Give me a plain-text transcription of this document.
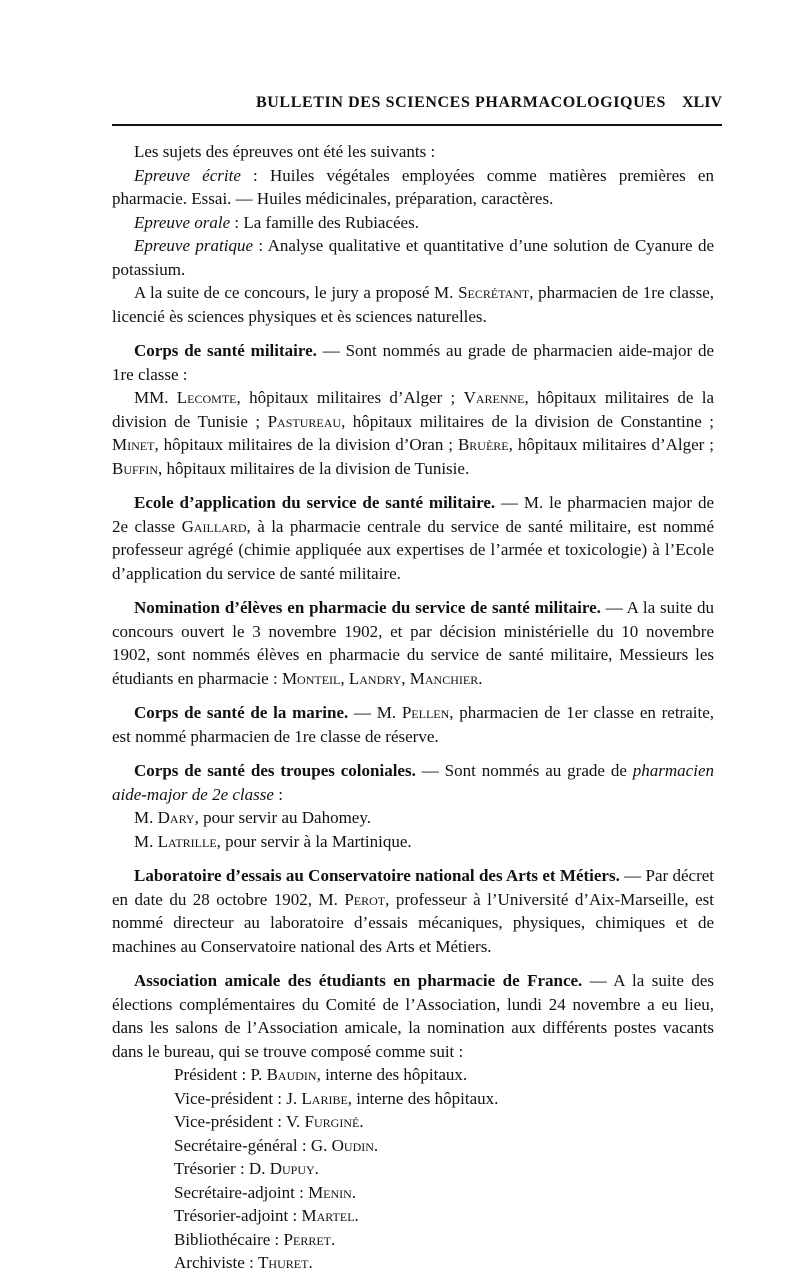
BULLETIN DES SCIENCES PHARMACOLOGIQUES XLIV

Les sujets des épreuves ont été les suivants :

Epreuve écrite : Huiles végétales employées comme matières premières en pharmacie. Essai. — Huiles médicinales, préparation, caractères.

Epreuve orale : La famille des Rubiacées.

Epreuve pratique : Analyse qualitative et quantitative d’une solution de Cyanure de potassium.

A la suite de ce concours, le jury a proposé M. Secrétant, pharmacien de 1re classe, licencié ès sciences physiques et ès sciences naturelles.

Corps de santé militaire. — Sont nommés au grade de pharmacien aide-major de 1re classe :

MM. Lecomte, hôpitaux militaires d’Alger ; Varenne, hôpitaux militaires de la division de Tunisie ; Pastureau, hôpitaux militaires de la division de Constantine ; Minet, hôpitaux militaires de la division d’Oran ; Bruère, hôpitaux militaires d’Alger ; Buffin, hôpitaux militaires de la division de Tunisie.

Ecole d’application du service de santé militaire. — M. le pharmacien major de 2e classe Gaillard, à la pharmacie centrale du service de santé militaire, est nommé professeur agrégé (chimie appliquée aux expertises de l’armée et toxicologie) à l’Ecole d’application du service de santé militaire.

Nomination d’élèves en pharmacie du service de santé militaire. — A la suite du concours ouvert le 3 novembre 1902, et par décision ministérielle du 10 novembre 1902, sont nommés élèves en pharmacie du service de santé militaire, Messieurs les étudiants en pharmacie : Monteil, Landry, Manchier.

Corps de santé de la marine. — M. Pellen, pharmacien de 1er classe en retraite, est nommé pharmacien de 1re classe de réserve.

Corps de santé des troupes coloniales. — Sont nommés au grade de pharmacien aide-major de 2e classe :

M. Dary, pour servir au Dahomey.

M. Latrille, pour servir à la Martinique.

Laboratoire d’essais au Conservatoire national des Arts et Métiers. — Par décret en date du 28 octobre 1902, M. Perot, professeur à l’Université d’Aix-Marseille, est nommé directeur au laboratoire d’essais mécaniques, physiques, chimiques et de machines au Conservatoire national des Arts et Métiers.

Association amicale des étudiants en pharmacie de France. — A la suite des élections complémentaires du Comité de l’Association, lundi 24 novembre a eu lieu, dans les salons de l’Association amicale, la nomination aux différents postes vacants dans le bureau, qui se trouve composé comme suit :

Président : P. Baudin, interne des hôpitaux.
Vice-président : J. Laribe, interne des hôpitaux.
Vice-président : V. Furginé.
Secrétaire-général : G. Oudin.
Trésorier : D. Dupuy.
Secrétaire-adjoint : Menin.
Trésorier-adjoint : Martel.
Bibliothécaire : Perret.
Archiviste : Thuret.
